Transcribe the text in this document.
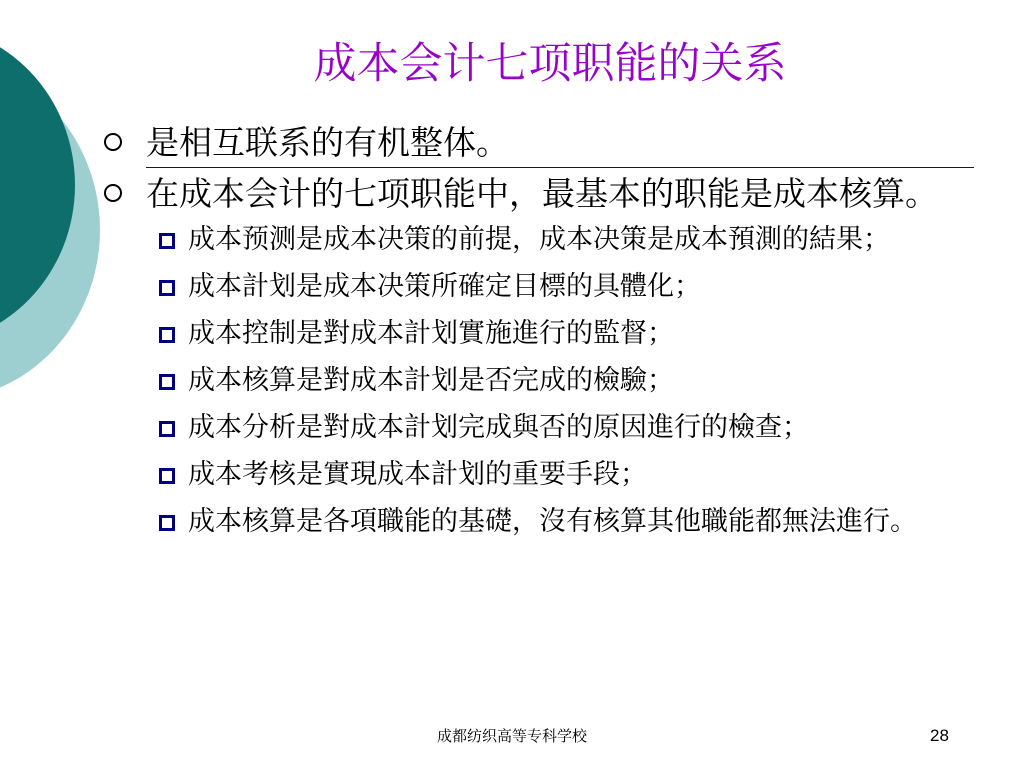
成本会计七项职能的关系
是相互联系的有机整体。
在成本会计的七项职能中，最基本的职能是成本核算。
成本预测是成本决策的前提，成本决策是成本預測的結果；
成本計划是成本决策所確定目標的具體化；
成本控制是對成本計划實施進行的監督；
成本核算是對成本計划是否完成的檢驗；
成本分析是對成本計划完成與否的原因進行的檢查；
成本考核是實現成本計划的重要手段；
成本核算是各項職能的基礎，沒有核算其他職能都無法進行。
成都纺织高等专科学校	28
